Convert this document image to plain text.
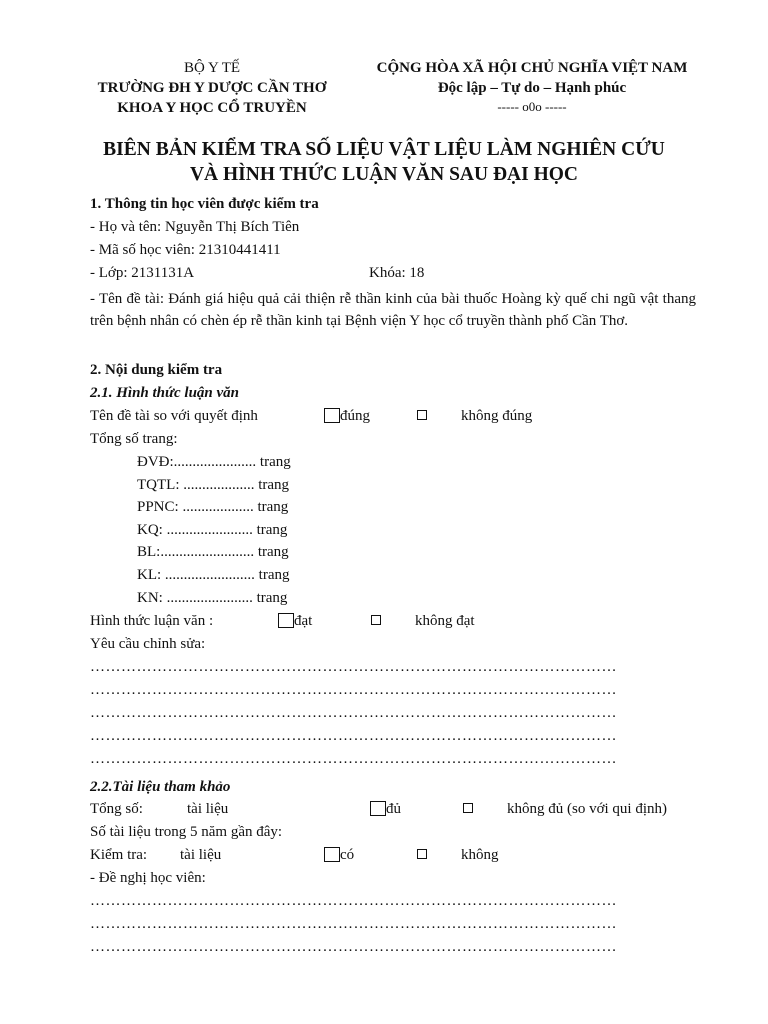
BỘ Y TẾ
TRƯỜNG ĐH Y DƯỢC CẦN THƠ
KHOA Y HỌC CỔ TRUYỀN
CỘNG HÒA XÃ HỘI CHỦ NGHĨA VIỆT NAM
Độc lập – Tự do – Hạnh phúc
----- o0o -----
BIÊN BẢN KIỂM TRA SỐ LIỆU VẬT LIỆU LÀM NGHIÊN CỨU
VÀ HÌNH THỨC LUẬN VĂN SAU ĐẠI HỌC
1. Thông tin học viên được kiểm tra
- Họ và tên: Nguyễn Thị Bích Tiên
- Mã số học viên: 21310441411
- Lớp: 2131131A	Khóa: 18
- Tên đề tài: Đánh giá hiệu quả cải thiện rễ thần kinh của bài thuốc Hoàng kỳ quế chi ngũ vật thang trên bệnh nhân có chèn ép rễ thần kinh tại Bệnh viện Y học cổ truyền thành phố Cần Thơ.
2. Nội dung kiểm tra
2.1. Hình thức luận văn
Tên đề tài so với quyết định	đúng	không đúng
Tổng số trang:
ĐVĐ:...................... trang
TQTL: ................... trang
PPNC: ................... trang
KQ: ....................... trang
BL:......................... trang
KL: ........................ trang
KN: ....................... trang
Hình thức luận văn :	đạt	không đạt
Yêu cầu chỉnh sửa:
…………………………………………………………………………………………
…………………………………………………………………………………………
…………………………………………………………………………………………
…………………………………………………………………………………………
…………………………………………………………………………………………
2.2.Tài liệu tham khảo
Tổng số:	tài liệu	đủ	không đủ (so với qui định)
Số tài liệu trong 5 năm gần đây:
Kiểm tra: tài liệu	có	không
- Đề nghị học viên:
…………………………………………………………………………………………
…………………………………………………………………………………………
…………………………………………………………………………………………
